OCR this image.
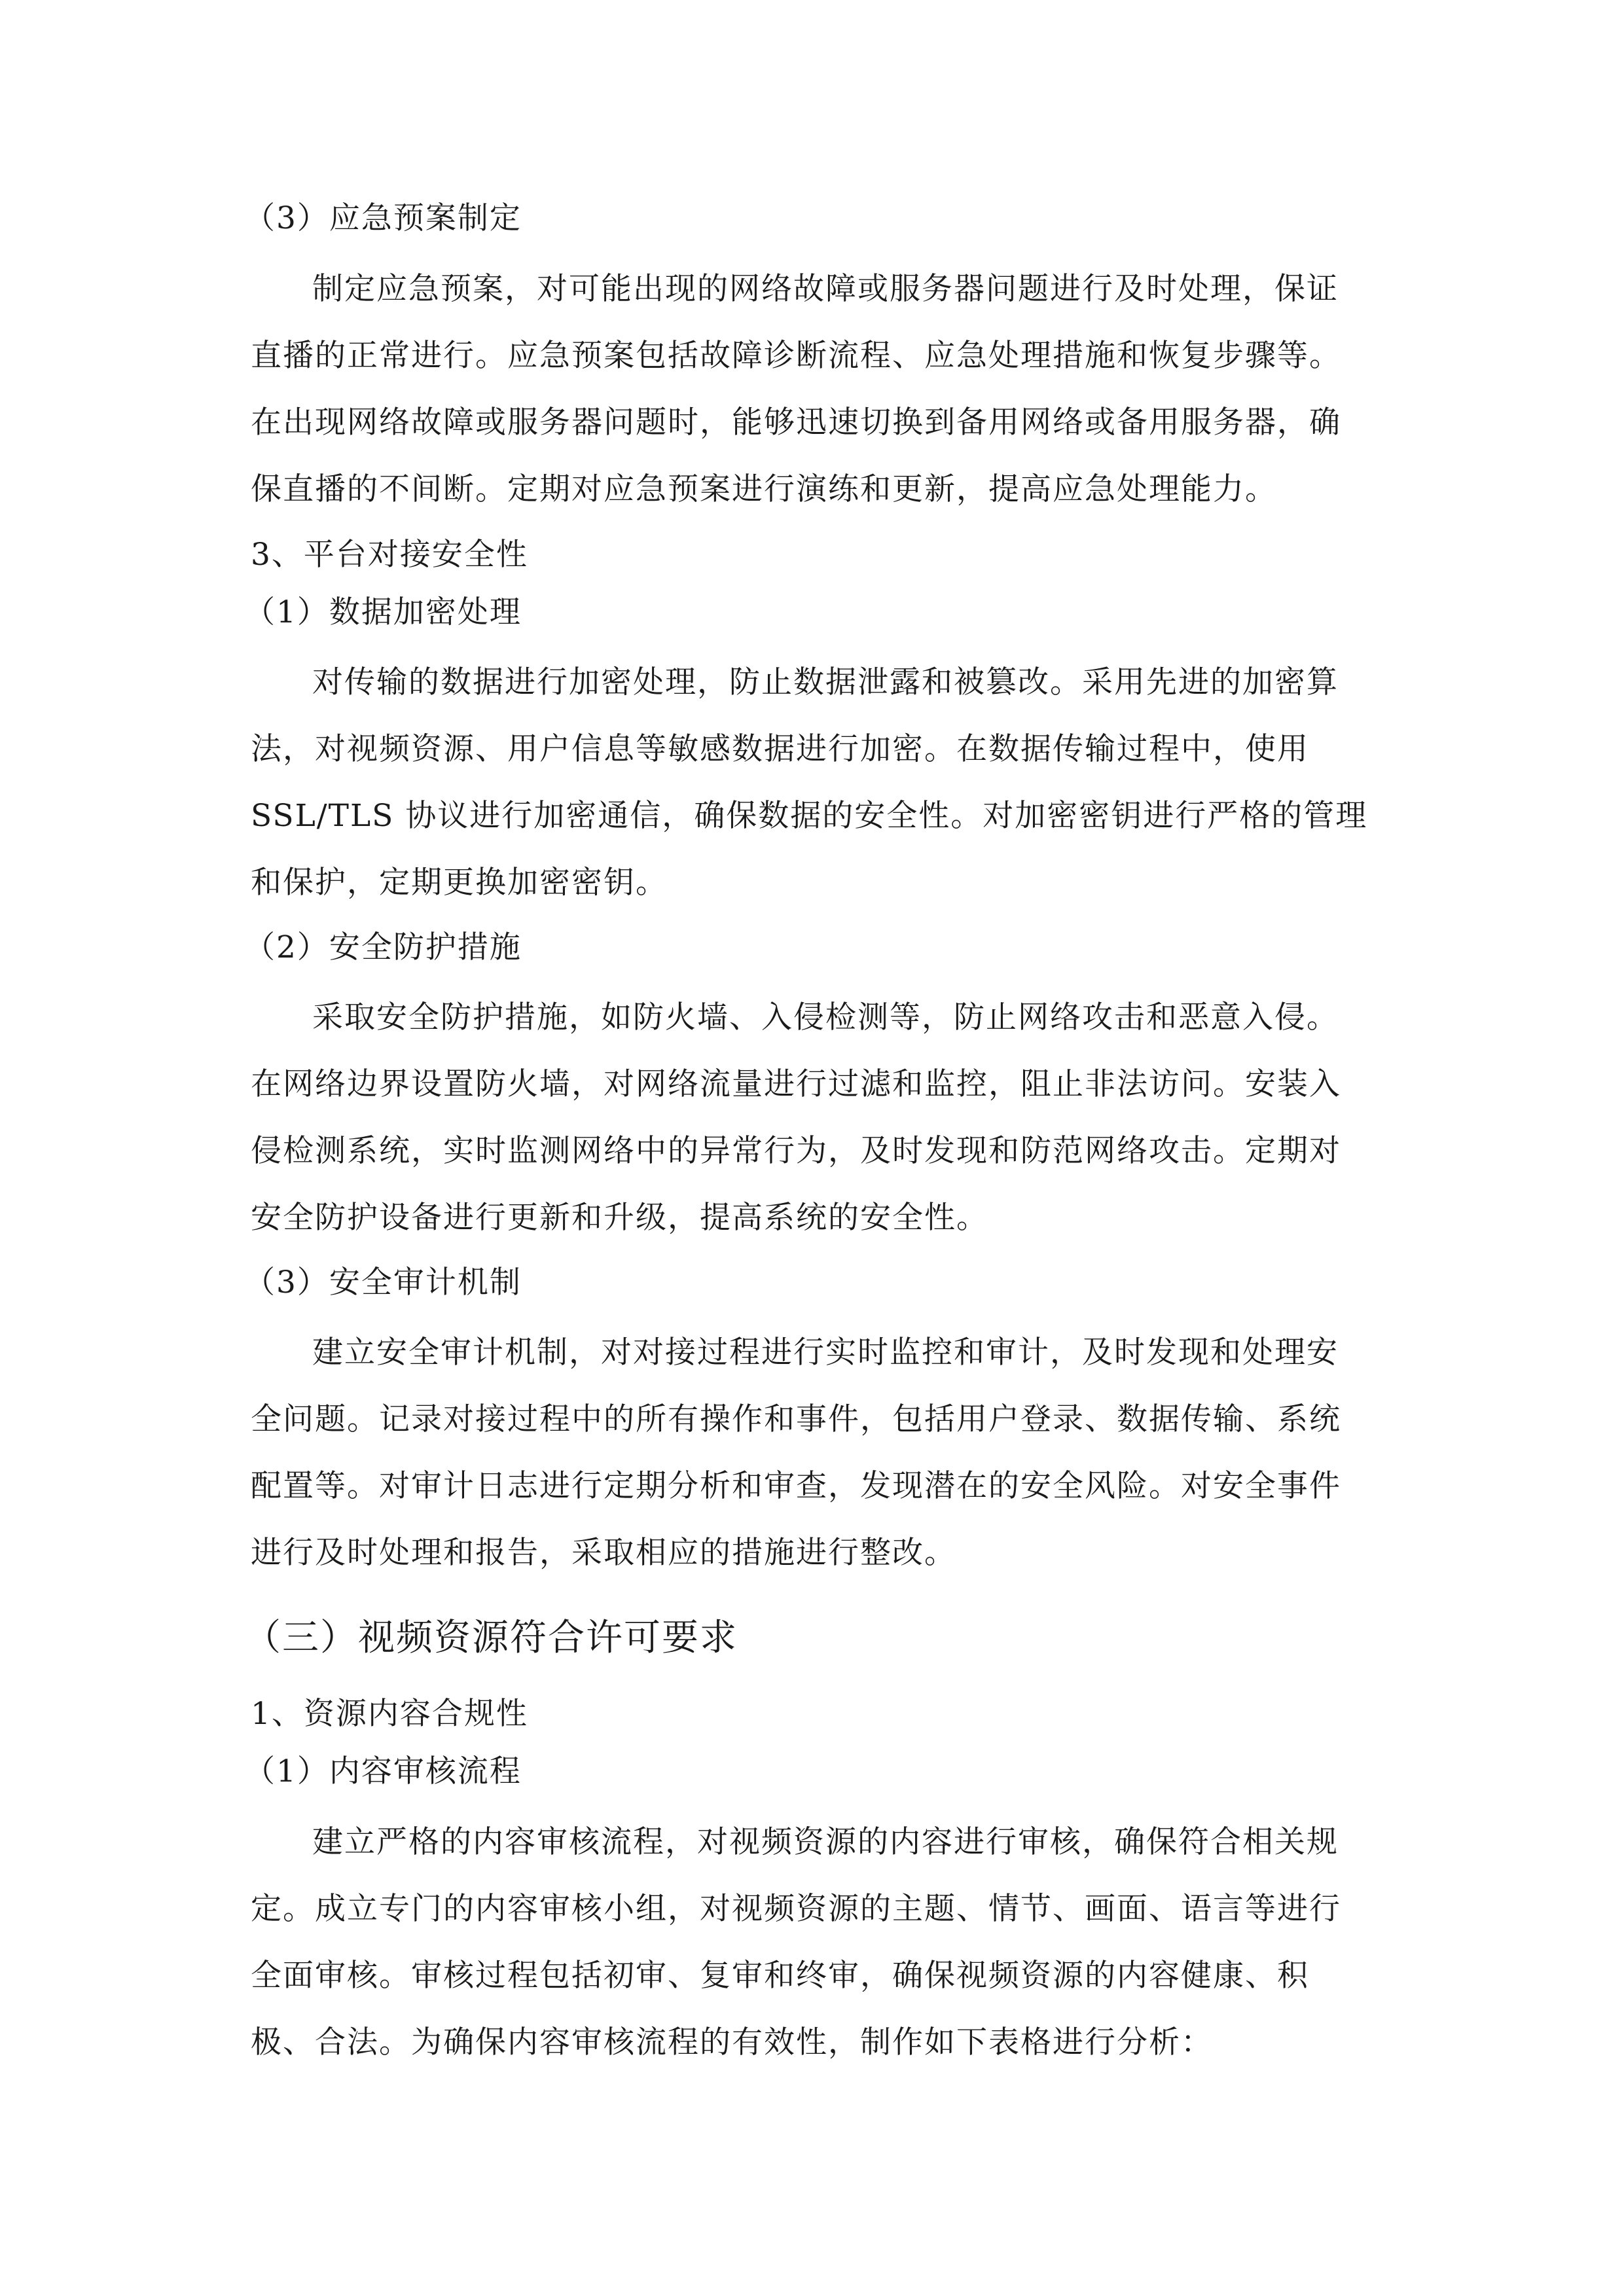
（3）应急预案制定
制定应急预案，对可能出现的网络故障或服务器问题进行及时处理，保证
直播的正常进行。应急预案包括故障诊断流程、应急处理措施和恢复步骤等。
在出现网络故障或服务器问题时，能够迅速切换到备用网络或备用服务器，确
保直播的不间断。定期对应急预案进行演练和更新，提高应急处理能力。
3、平台对接安全性
（1）数据加密处理
对传输的数据进行加密处理，防止数据泄露和被篡改。采用先进的加密算
法，对视频资源、用户信息等敏感数据进行加密。在数据传输过程中，使用
SSL/TLS 协议进行加密通信，确保数据的安全性。对加密密钥进行严格的管理
和保护，定期更换加密密钥。
（2）安全防护措施
采取安全防护措施，如防火墙、入侵检测等，防止网络攻击和恶意入侵。
在网络边界设置防火墙，对网络流量进行过滤和监控，阻止非法访问。安装入
侵检测系统，实时监测网络中的异常行为，及时发现和防范网络攻击。定期对
安全防护设备进行更新和升级，提高系统的安全性。
（3）安全审计机制
建立安全审计机制，对对接过程进行实时监控和审计，及时发现和处理安
全问题。记录对接过程中的所有操作和事件，包括用户登录、数据传输、系统
配置等。对审计日志进行定期分析和审查，发现潜在的安全风险。对安全事件
进行及时处理和报告，采取相应的措施进行整改。
（三）视频资源符合许可要求
1、资源内容合规性
（1）内容审核流程
建立严格的内容审核流程，对视频资源的内容进行审核，确保符合相关规
定。成立专门的内容审核小组，对视频资源的主题、情节、画面、语言等进行
全面审核。审核过程包括初审、复审和终审，确保视频资源的内容健康、积
极、合法。为确保内容审核流程的有效性，制作如下表格进行分析：
